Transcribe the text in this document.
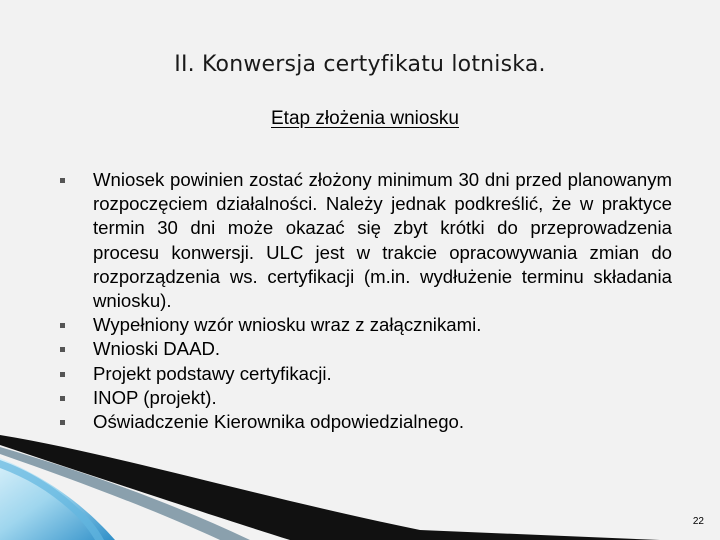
II. Konwersja certyfikatu lotniska.
Etap złożenia wniosku
Wniosek powinien zostać złożony minimum 30 dni przed planowanym rozpoczęciem działalności. Należy jednak podkreślić, że w praktyce termin 30 dni może okazać się zbyt krótki do przeprowadzenia procesu konwersji. ULC jest w trakcie opracowywania zmian do rozporządzenia ws. certyfikacji (m.in. wydłużenie terminu składania wniosku).
Wypełniony wzór wniosku wraz z załącznikami.
Wnioski DAAD.
Projekt podstawy certyfikacji.
INOP (projekt).
Oświadczenie Kierownika odpowiedzialnego.
22
